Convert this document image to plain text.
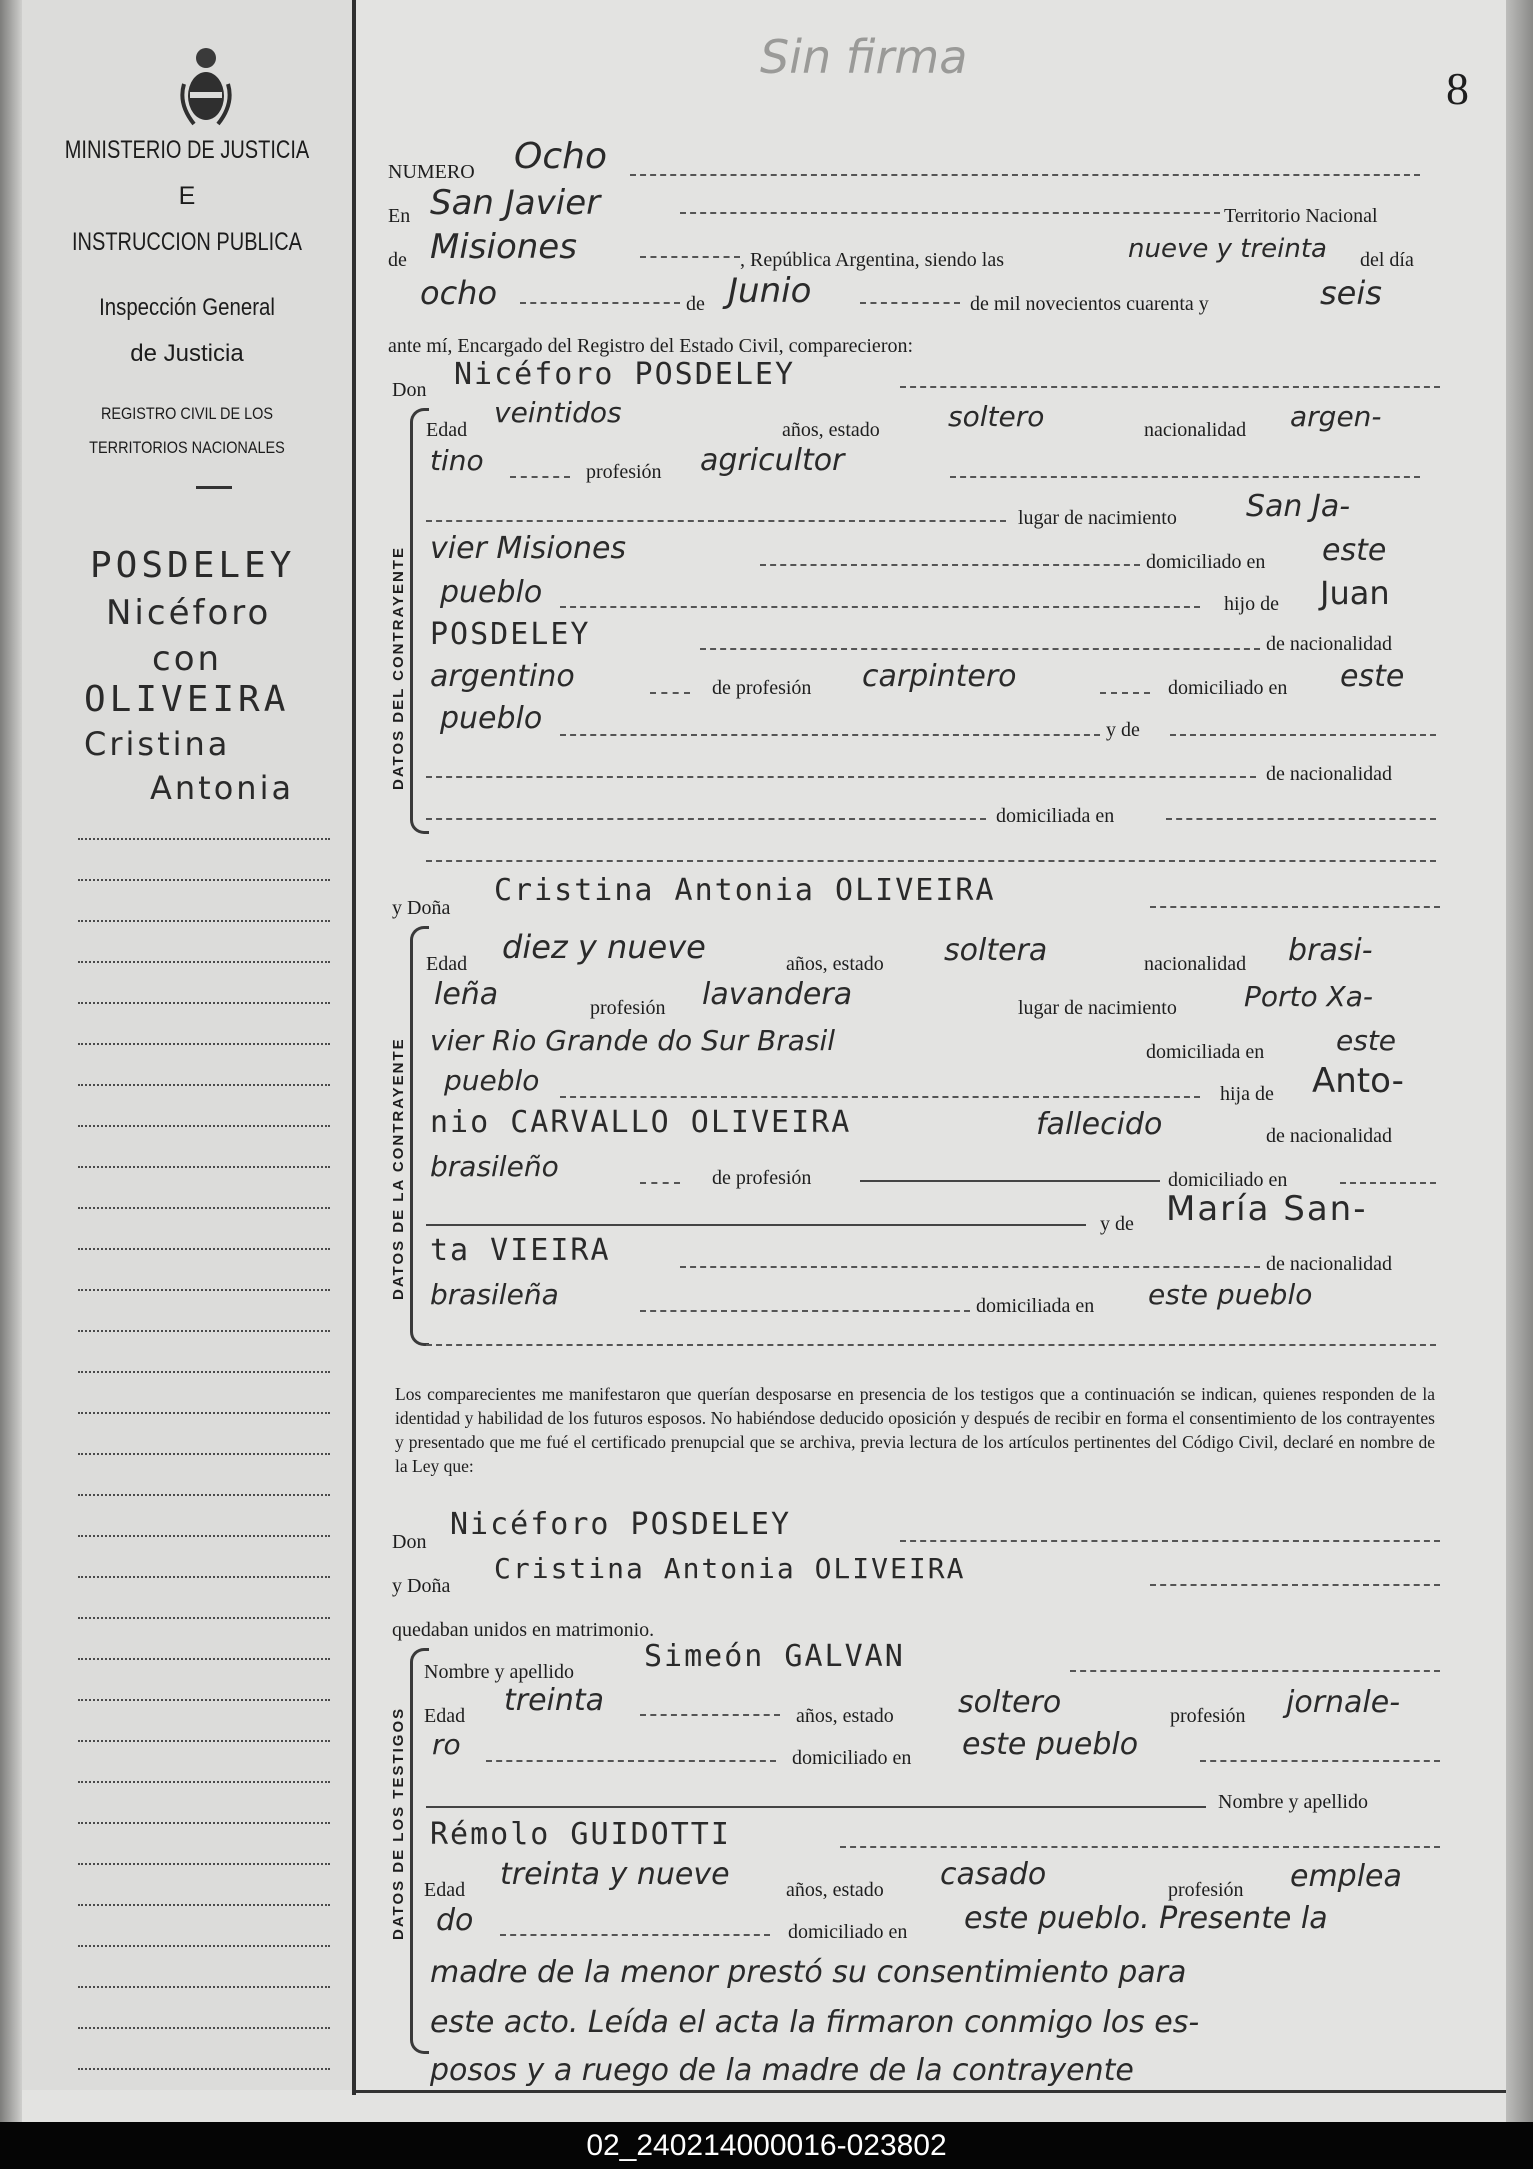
Sin firma
8
MINISTERIO DE JUSTICIA
E
INSTRUCCION PUBLICA
Inspección General
de Justicia
REGISTRO CIVIL DE LOS
TERRITORIOS NACIONALES
POSDELEY
Nicéforo
con
OLIVEIRA
Cristina
Antonia
NUMERO Ocho
En San Javier	Territorio Nacional
de Misiones	, República Argentina, siendo las	nueve y treinta del día
ocho	de Junio	de mil novecientos cuarenta y	seis
ante mí, Encargado del Registro del Estado Civil, comparecieron:
Don Nicéforo POSDELEY
DATOS DEL CONTRAYENTE
Edad
veintidos
años, estado soltero	nacionalidad argen-
tino	profesión agricultor
lugar de nacimiento San Ja-
vier Misiones	domiciliado en este
pueblo	hijo de Juan
POSDELEY	de nacionalidad
argentino	de profesión carpintero	domiciliado en este
pueblo	y de
de nacionalidad
domiciliada en
y Doña Cristina Antonia OLIVEIRA
DATOS DE LA CONTRAYENTE
Edad diez y nueve	años, estado soltera	nacionalidad brasi-
leña	profesión lavandera	lugar de nacimiento Porto Xa-
vier Rio Grande do Sur Brasil	domiciliada en	este
pueblo	hija de Anto-
nio CARVALLO OLIVEIRA	fallecido	de nacionalidad
brasileño	de profesión	domiciliado en
y de María San-
ta VIEIRA	de nacionalidad
brasileña	domiciliada en este pueblo
Los comparecientes me manifestaron que querían desposarse en presencia de los testigos que a continuación se indican, quienes responden de la identidad y habilidad de los futuros esposos. No habiéndose deducido oposición y después de recibir en forma el consentimiento de los contrayentes y presentado que me fué el certificado prenupcial que se archiva, previa lectura de los artículos pertinentes del Código Civil, declaré en nombre de la Ley que:
Don Nicéforo POSDELEY
y Doña
Cristina Antonia OLIVEIRA
quedaban unidos en matrimonio.
DATOS DE LOS TESTIGOS
Nombre y apellido Simeón GALVAN
Edad treinta	años, estado soltero	profesión jornale-
ro	domiciliado en este pueblo
Nombre y apellido
Rémolo GUIDOTTI
Edad treinta y nueve	años, estado casado	profesión emplea
do	domiciliado en este pueblo. Presente la
madre de la menor prestó su consentimiento para
este acto. Leída el acta la firmaron conmigo los es-
posos y a ruego de la madre de la contrayente
02_240214000016-023802
